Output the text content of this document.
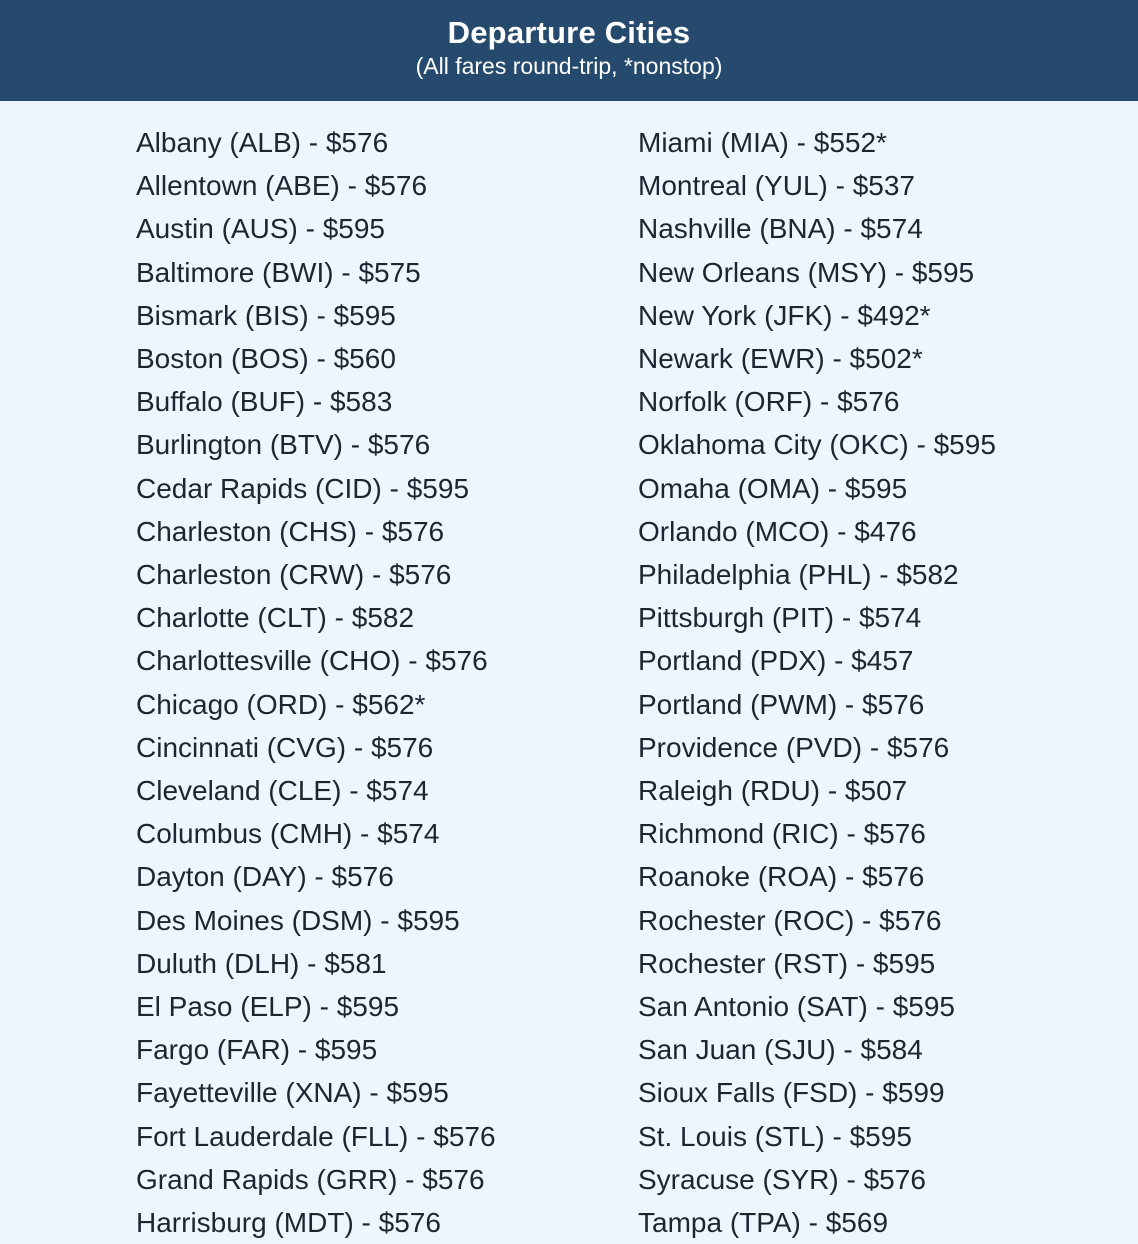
Departure Cities
(All fares round-trip, *nonstop)
Albany (ALB) - $576
Allentown (ABE) - $576
Austin (AUS) - $595
Baltimore (BWI) - $575
Bismark (BIS) - $595
Boston (BOS) - $560
Buffalo (BUF) - $583
Burlington (BTV) - $576
Cedar Rapids (CID) - $595
Charleston (CHS) - $576
Charleston (CRW) - $576
Charlotte (CLT) - $582
Charlottesville (CHO) - $576
Chicago (ORD) - $562*
Cincinnati (CVG) - $576
Cleveland (CLE) - $574
Columbus (CMH) - $574
Dayton (DAY) - $576
Des Moines (DSM) - $595
Duluth (DLH) - $581
El Paso (ELP) - $595
Fargo (FAR) - $595
Fayetteville (XNA) - $595
Fort Lauderdale (FLL) - $576
Grand Rapids (GRR) - $576
Harrisburg (MDT) - $576
Miami (MIA) - $552*
Montreal (YUL) - $537
Nashville (BNA) - $574
New Orleans (MSY) - $595
New York (JFK) - $492*
Newark (EWR) - $502*
Norfolk (ORF) - $576
Oklahoma City (OKC) - $595
Omaha (OMA) - $595
Orlando (MCO) - $476
Philadelphia (PHL) - $582
Pittsburgh (PIT) - $574
Portland (PDX) - $457
Portland (PWM) - $576
Providence (PVD) - $576
Raleigh (RDU) - $507
Richmond (RIC) - $576
Roanoke (ROA) - $576
Rochester (ROC) - $576
Rochester (RST) - $595
San Antonio (SAT) - $595
San Juan (SJU) - $584
Sioux Falls (FSD) - $599
St. Louis (STL) - $595
Syracuse (SYR) - $576
Tampa (TPA) - $569
